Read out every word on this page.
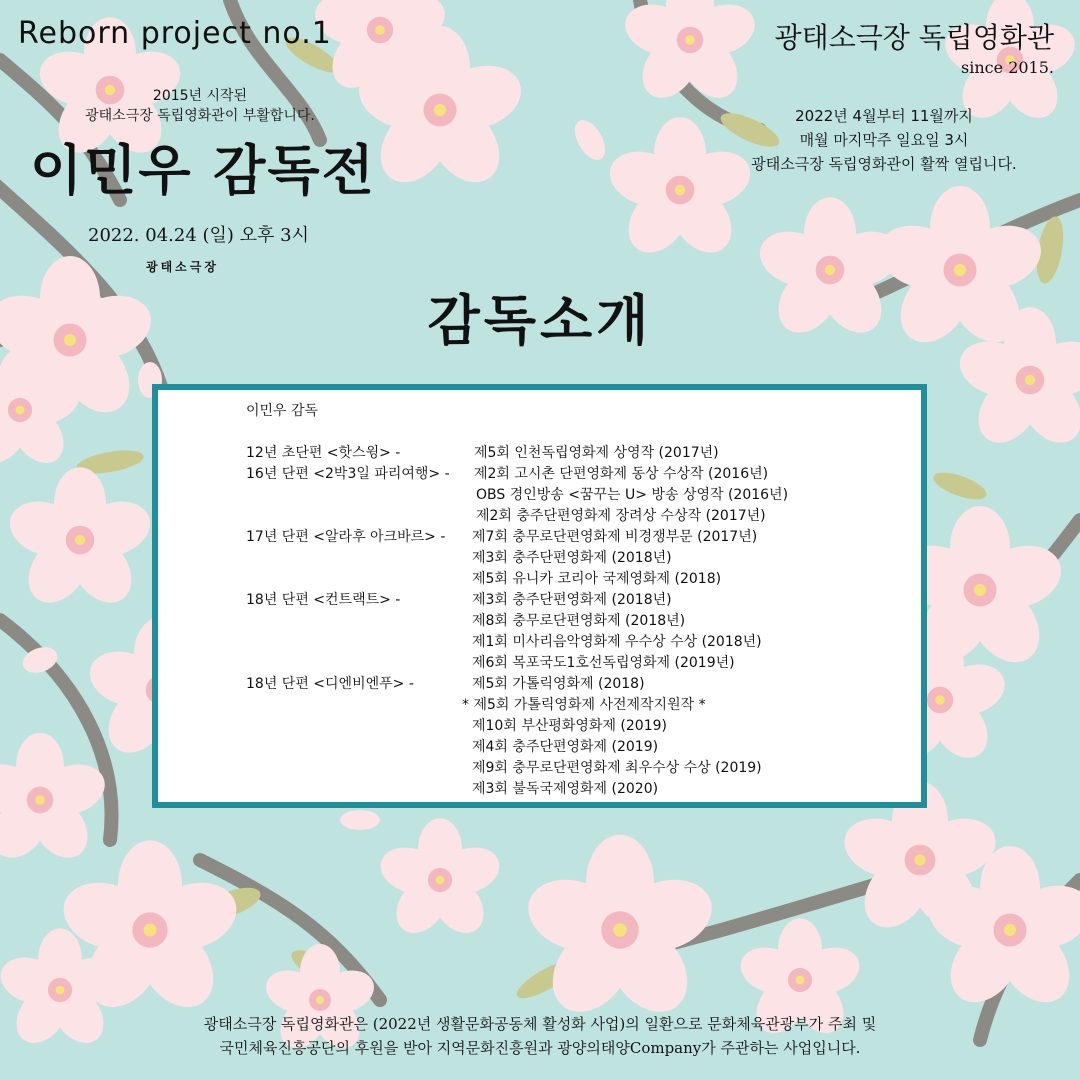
Reborn project no.1	광태소극장 독립영화관
since 2015.
2015년 시작된
광태소극장 독립영화관이 부활합니다.
이민우 감독전
2022. 04.24 (일) 오후 3시
광태소극장
2022년 4월부터 11월까지
매월 마지막주 일요일 3시
광태소극장 독립영화관이 활짝 열립니다.
감독소개
이민우 감독
12년 초단편 <핫스윙> -	제5회 인천독립영화제 상영작 (2017년)
16년 단편 <2박3일 파리여행> - 제2회 고시촌 단편영화제 동상 수상작 (2016년)
OBS 경인방송 <꿈꾸는 U> 방송 상영작 (2016년)
제2회 충주단편영화제 장려상 수상작 (2017년)
17년 단편 <알라후 아크바르> - 제7회 충무로단편영화제 비경쟁부문 (2017년)
제3회 충주단편영화제 (2018년)
제5회 유니카 코리아 국제영화제 (2018)
18년 단편 <컨트랙트> -	제3회 충주단편영화제 (2018년)
제8회 충무로단편영화제 (2018년)
제1회 미사리음악영화제 우수상 수상 (2018년)
제6회 목포국도1호선독립영화제 (2019년)
18년 단편 <디엔비엔푸> -	제5회 가톨릭영화제 (2018)
* 제5회 가톨릭영화제 사전제작지원작 *
제10회 부산평화영화제 (2019)
제4회 충주단편영화제 (2019)
제9회 충무로단편영화제 최우수상 수상 (2019)
제3회 불독국제영화제 (2020)
광태소극장 독립영화관은 (2022년 생활문화공동체 활성화 사업)의 일환으로 문화체육관광부가 주최 및
국민체육진흥공단의 후원을 받아 지역문화진흥원과 광양의태양Company가 주관하는 사업입니다.
